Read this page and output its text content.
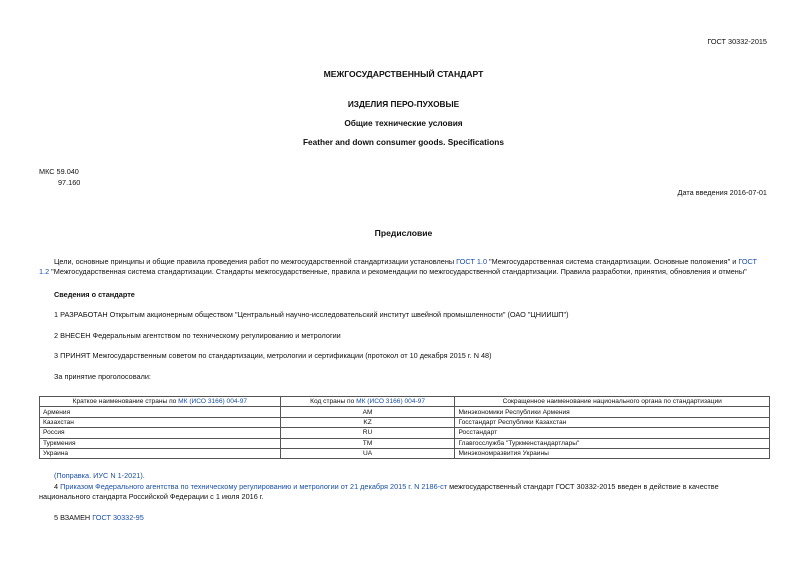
ГОСТ 30332-2015
МЕЖГОСУДАРСТВЕННЫЙ СТАНДАРТ
ИЗДЕЛИЯ ПЕРО-ПУХОВЫЕ
Общие технические условия
Feather and down consumer goods. Specifications
МКС 59.040
97.160
Дата введения 2016-07-01
Предисловие
Цели, основные принципы и общие правила проведения работ по межгосударственной стандартизации установлены ГОСТ 1.0 "Межгосударственная система стандартизации. Основные положения" и ГОСТ 1.2 "Межгосударственная система стандартизации. Стандарты межгосударственные, правила и рекомендации по межгосударственной стандартизации. Правила разработки, принятия, обновления и отмены"
Сведения о стандарте
1 РАЗРАБОТАН Открытым акционерным обществом "Центральный научно-исследовательский институт швейной промышленности" (ОАО "ЦНИИШП")
2 ВНЕСЕН Федеральным агентством по техническому регулированию и метрологии
3 ПРИНЯТ Межгосударственным советом по стандартизации, метрологии и сертификации (протокол от 10 декабря 2015 г. N 48)
За принятие проголосовали:
Краткое наименование страны по МК (ИСО 3166) 004-97	Код страны по МК (ИСО 3166) 004-97	Сокращенное наименование национального органа по стандартизации
Армения	AM	Минэкономики Республики Армения
Казахстан	KZ	Госстандарт Республики Казахстан
Россия	RU	Росстандарт
Туркмения	TM	Главгосслужба "Туркменстандартлары"
Украина	UA	Минэкономразвития Украины
(Поправка. ИУС N 1-2021).
4 Приказом Федерального агентства по техническому регулированию и метрологии от 21 декабря 2015 г. N 2186-ст межгосударственный стандарт ГОСТ 30332-2015 введен в действие в качестве национального стандарта Российской Федерации с 1 июля 2016 г.
5 ВЗАМЕН ГОСТ 30332-95
